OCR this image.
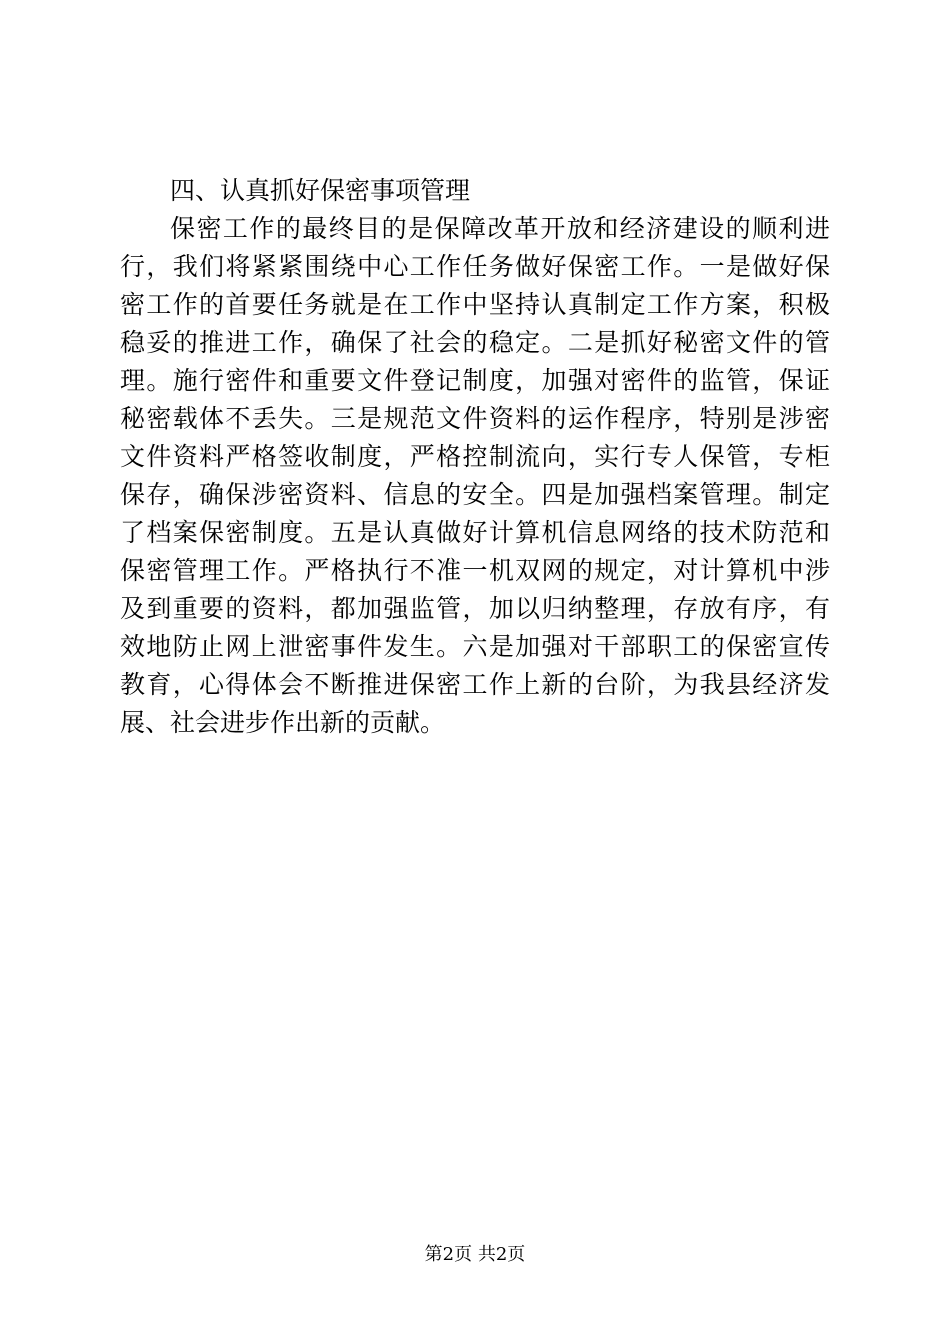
四、认真抓好保密事项管理

保密工作的最终目的是保障改革开放和经济建设的顺利进
行，我们将紧紧围绕中心工作任务做好保密工作。一是做好保
密工作的首要任务就是在工作中坚持认真制定工作方案，积极
稳妥的推进工作，确保了社会的稳定。二是抓好秘密文件的管
理。施行密件和重要文件登记制度，加强对密件的监管，保证
秘密载体不丢失。三是规范文件资料的运作程序，特别是涉密
文件资料严格签收制度，严格控制流向，实行专人保管，专柜
保存，确保涉密资料、信息的安全。四是加强档案管理。制定
了档案保密制度。五是认真做好计算机信息网络的技术防范和
保密管理工作。严格执行不准一机双网的规定，对计算机中涉
及到重要的资料，都加强监管，加以归纳整理，存放有序，有
效地防止网上泄密事件发生。六是加强对干部职工的保密宣传
教育，心得体会不断推进保密工作上新的台阶，为我县经济发
展、社会进步作出新的贡献。

第2页 共2页
